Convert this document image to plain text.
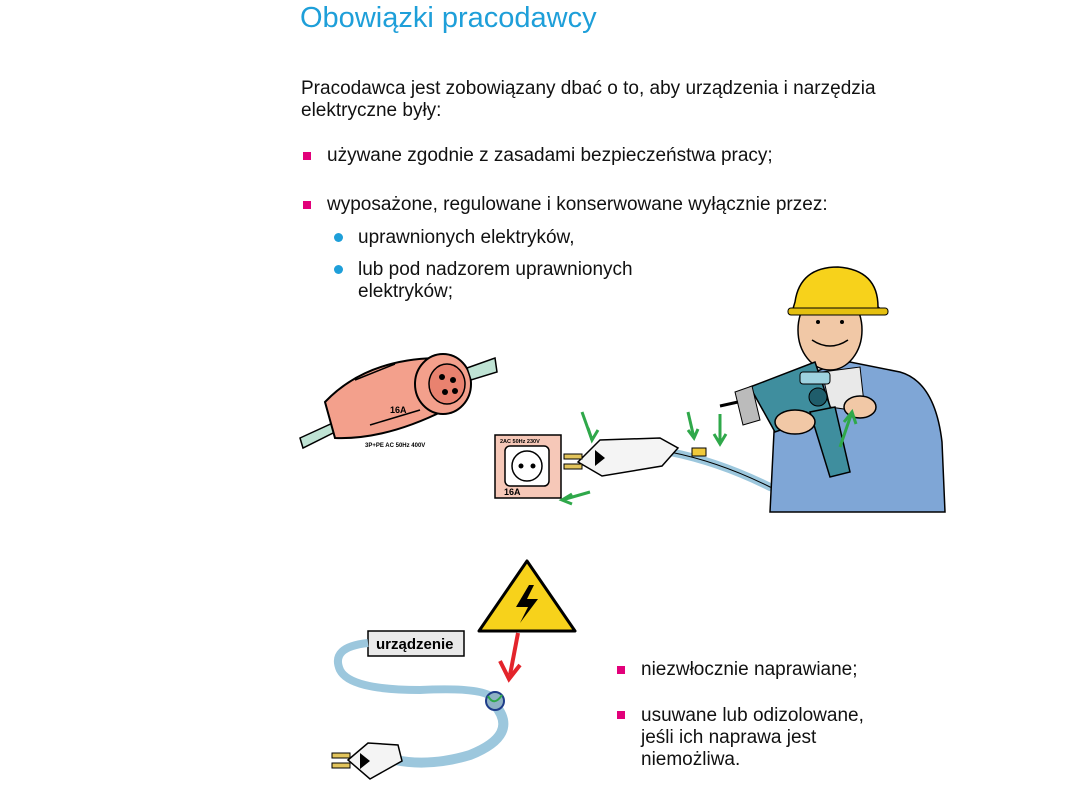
Obowiązki pracodawcy
Pracodawca jest zobowiązany dbać o to, aby urządzenia i narzędzia elektryczne były:
używane zgodnie z zasadami bezpieczeństwa pracy;
wyposażone, regulowane i konserwowane wyłącznie przez:
uprawnionych elektryków,
lub pod nadzorem uprawnionych elektryków;
niezwłocznie naprawiane;
usuwane lub odizolowane, jeśli ich naprawa jest niemożliwa.
16A
3P+PE AC 50Hz 400V
2AC 50Hz 230V
16A
urządzenie
